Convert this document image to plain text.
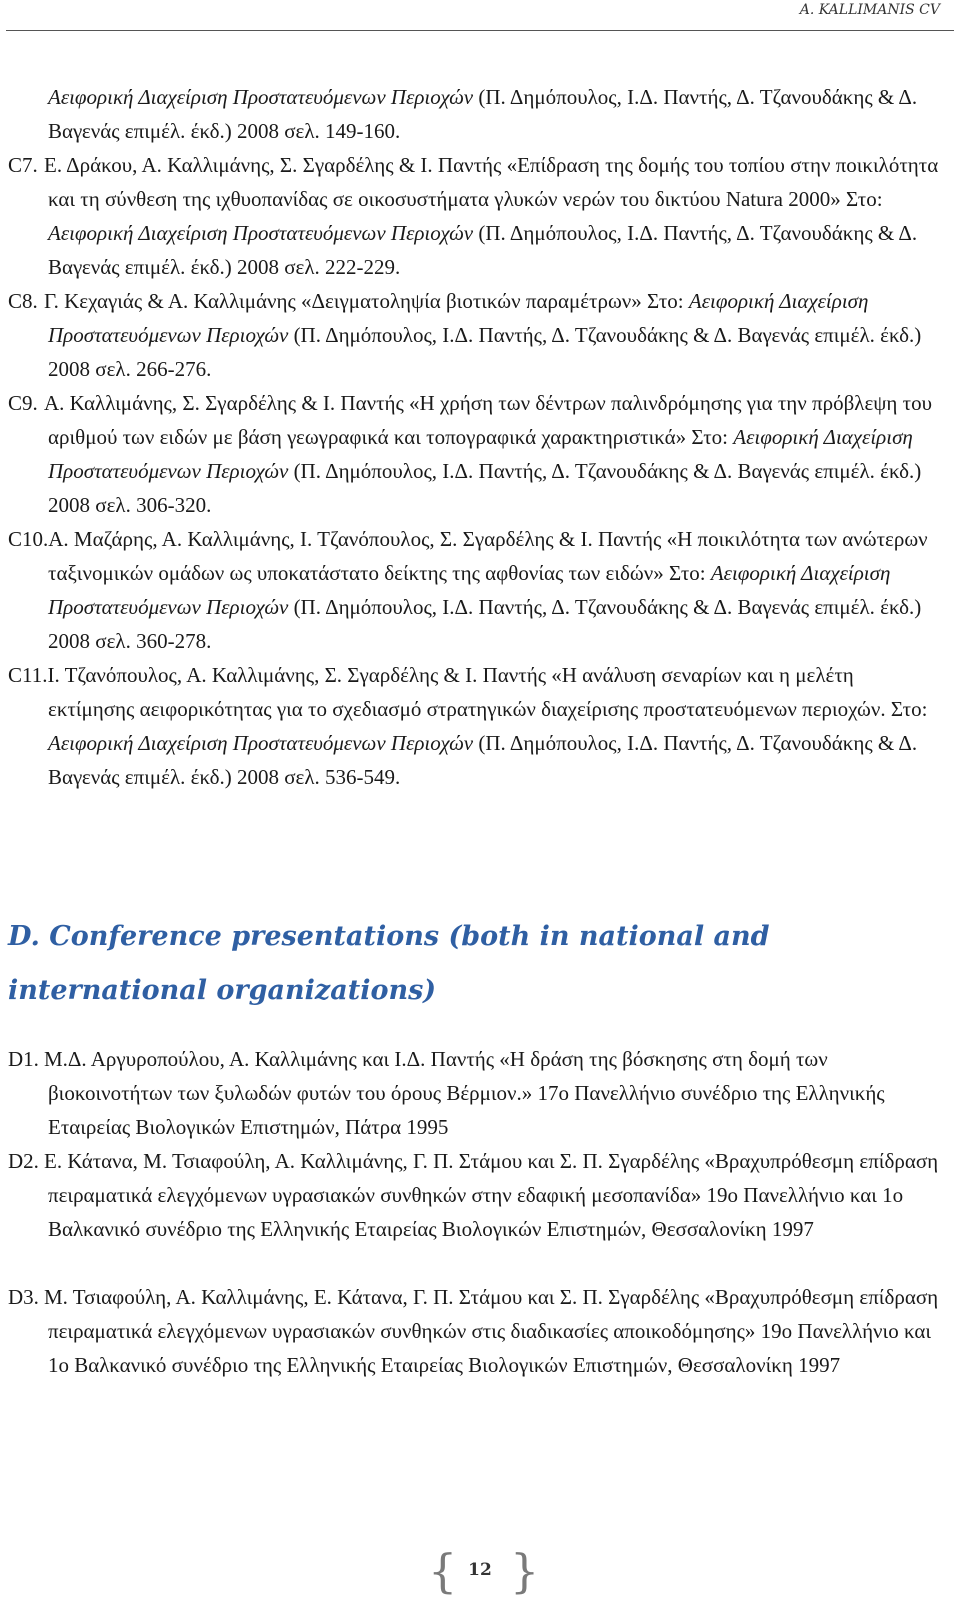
A. KALLIMANIS CV
Αειφορική Διαχείριση Προστατευόμενων Περιοχών (Π. Δημόπουλος, Ι.Δ. Παντής, Δ. Τζανουδάκης & Δ. Βαγενάς επιμέλ. έκδ.) 2008 σελ. 149-160.
C7. Ε. Δράκου, Α. Καλλιμάνης, Σ. Σγαρδέλης & Ι. Παντής «Επίδραση της δομής του τοπίου στην ποικιλότητα και τη σύνθεση της ιχθυοπανίδας σε οικοσυστήματα γλυκών νερών του δικτύου Natura 2000» Στο: Αειφορική Διαχείριση Προστατευόμενων Περιοχών (Π. Δημόπουλος, Ι.Δ. Παντής, Δ. Τζανουδάκης & Δ. Βαγενάς επιμέλ. έκδ.) 2008 σελ. 222-229.
C8. Γ. Κεχαγιάς & Α. Καλλιμάνης «Δειγματοληψία βιοτικών παραμέτρων» Στο: Αειφορική Διαχείριση Προστατευόμενων Περιοχών (Π. Δημόπουλος, Ι.Δ. Παντής, Δ. Τζανουδάκης & Δ. Βαγενάς επιμέλ. έκδ.) 2008 σελ. 266-276.
C9. Α. Καλλιμάνης, Σ. Σγαρδέλης & Ι. Παντής «Η χρήση των δέντρων παλινδρόμησης για την πρόβλεψη του αριθμού των ειδών με βάση γεωγραφικά και τοπογραφικά χαρακτηριστικά» Στο: Αειφορική Διαχείριση Προστατευόμενων Περιοχών (Π. Δημόπουλος, Ι.Δ. Παντής, Δ. Τζανουδάκης & Δ. Βαγενάς επιμέλ. έκδ.) 2008 σελ. 306-320.
C10.Α. Μαζάρης, Α. Καλλιμάνης, Ι. Τζανόπουλος, Σ. Σγαρδέλης & Ι. Παντής «Η ποικιλότητα των ανώτερων ταξινομικών ομάδων ως υποκατάστατο δείκτης της αφθονίας των ειδών» Στο: Αειφορική Διαχείριση Προστατευόμενων Περιοχών (Π. Δημόπουλος, Ι.Δ. Παντής, Δ. Τζανουδάκης & Δ. Βαγενάς επιμέλ. έκδ.) 2008 σελ. 360-278.
C11.Ι. Τζανόπουλος, Α. Καλλιμάνης, Σ. Σγαρδέλης & Ι. Παντής «Η ανάλυση σεναρίων και η μελέτη εκτίμησης αειφορικότητας για το σχεδιασμό στρατηγικών διαχείρισης προστατευόμενων περιοχών. Στο: Αειφορική Διαχείριση Προστατευόμενων Περιοχών (Π. Δημόπουλος, Ι.Δ. Παντής, Δ. Τζανουδάκης & Δ. Βαγενάς επιμέλ. έκδ.) 2008 σελ. 536-549.
D. Conference presentations (both in national and international organizations)
D1. Μ.Δ. Αργυροπούλου, Α. Καλλιμάνης και Ι.Δ. Παντής «Η δράση της βόσκησης στη δομή των βιοκοινοτήτων των ξυλωδών φυτών του όρους Βέρμιον.» 17ο Πανελλήνιο συνέδριο της Ελληνικής Εταιρείας Βιολογικών Επιστημών, Πάτρα 1995
D2. Ε. Κάτανα, Μ. Τσιαφούλη, Α. Καλλιμάνης, Γ. Π. Στάμου και Σ. Π. Σγαρδέλης «Βραχυπρόθεσμη επίδραση πειραματικά ελεγχόμενων υγρασιακών συνθηκών στην εδαφική μεσοπανίδα» 19ο Πανελλήνιο και 1ο Βαλκανικό συνέδριο της Ελληνικής Εταιρείας Βιολογικών Επιστημών, Θεσσαλονίκη 1997
D3. Μ. Τσιαφούλη, Α. Καλλιμάνης, Ε. Κάτανα, Γ. Π. Στάμου και Σ. Π. Σγαρδέλης «Βραχυπρόθεσμη επίδραση πειραματικά ελεγχόμενων υγρασιακών συνθηκών στις διαδικασίες αποικοδόμησης» 19ο Πανελλήνιο και 1ο Βαλκανικό συνέδριο της Ελληνικής Εταιρείας Βιολογικών Επιστημών, Θεσσαλονίκη 1997
{ 12 }
